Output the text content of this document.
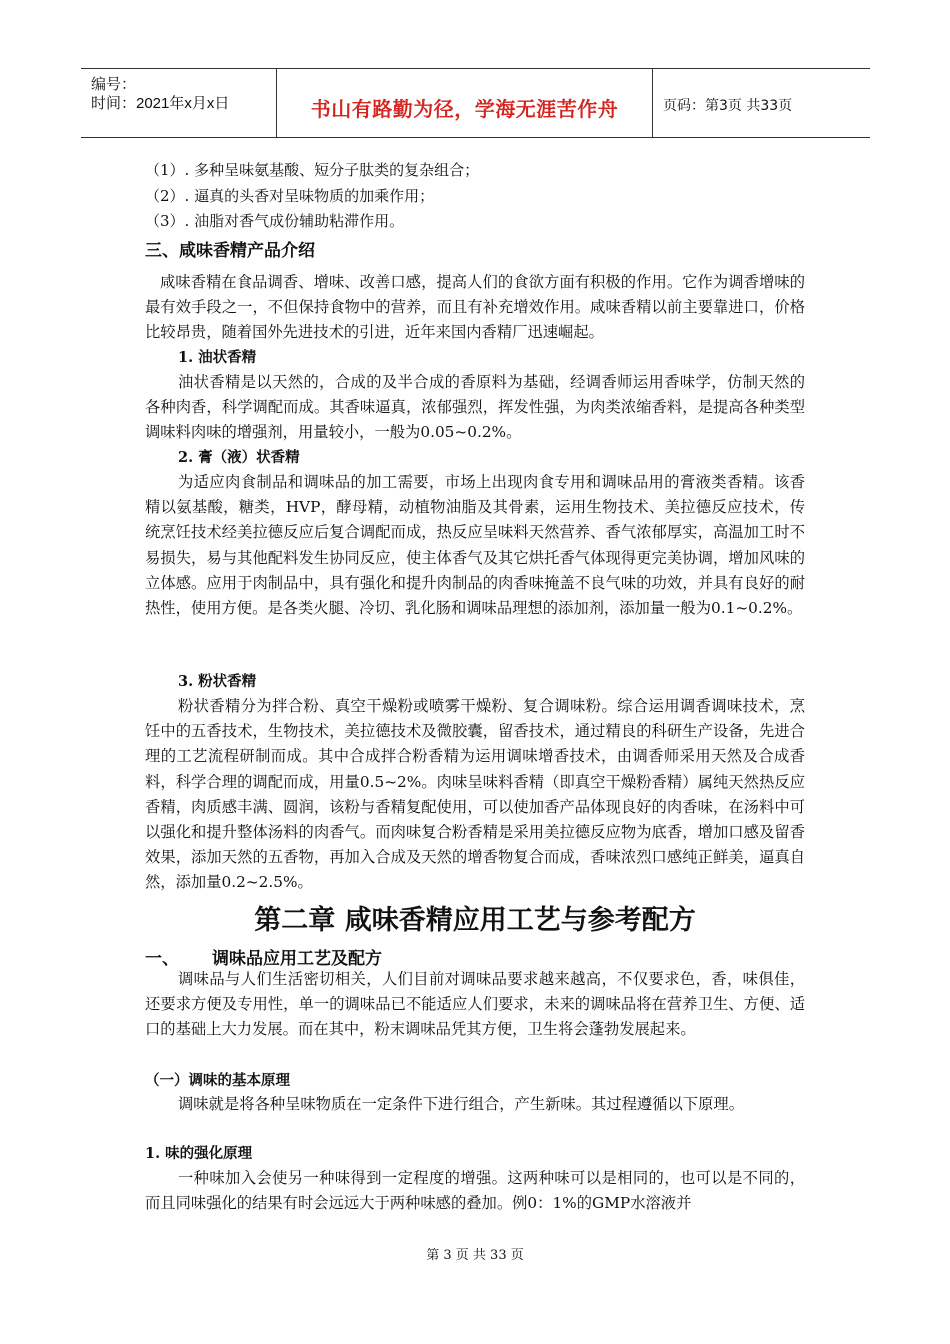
编号：
时间：2021年x月x日	书山有路勤为径，学海无涯苦作舟	页码：第3页 共33页
（1）. 多种呈味氨基酸、短分子肽类的复杂组合；
（2）. 逼真的头香对呈味物质的加乘作用；
（3）. 油脂对香气成份辅助粘滞作用。
三、咸味香精产品介绍
咸味香精在食品调香、增味、改善口感，提高人们的食欲方面有积极的作用。它作为调香增味的最有效手段之一，不但保持食物中的营养，而且有补充增效作用。咸味香精以前主要靠进口，价格比较昂贵，随着国外先进技术的引进，近年来国内香精厂迅速崛起。
1. 油状香精
油状香精是以天然的，合成的及半合成的香原料为基础，经调香师运用香味学，仿制天然的各种肉香，科学调配而成。其香味逼真，浓郁强烈，挥发性强，为肉类浓缩香料，是提高各种类型调味料肉味的增强剂，用量较小，一般为0.05~0.2%。
2. 膏（液）状香精
为适应肉食制品和调味品的加工需要，市场上出现肉食专用和调味品用的膏液类香精。该香精以氨基酸，糖类，HVP，酵母精，动植物油脂及其骨素，运用生物技术、美拉德反应技术，传统烹饪技术经美拉德反应后复合调配而成，热反应呈味料天然营养、香气浓郁厚实，高温加工时不易损失，易与其他配料发生协同反应，使主体香气及其它烘托香气体现得更完美协调，增加风味的立体感。应用于肉制品中，具有强化和提升肉制品的肉香味掩盖不良气味的功效，并具有良好的耐热性，使用方便。是各类火腿、冷切、乳化肠和调味品理想的添加剂，添加量一般为0.1~0.2%。
3. 粉状香精
粉状香精分为拌合粉、真空干燥粉或喷雾干燥粉、复合调味粉。综合运用调香调味技术，烹饪中的五香技术，生物技术，美拉德技术及微胶囊，留香技术，通过精良的科研生产设备，先进合理的工艺流程研制而成。其中合成拌合粉香精为运用调味增香技术，由调香师采用天然及合成香料，科学合理的调配而成，用量0.5~2%。肉味呈味料香精（即真空干燥粉香精）属纯天然热反应香精，肉质感丰满、圆润，该粉与香精复配使用，可以使加香产品体现良好的肉香味，在汤料中可以强化和提升整体汤料的肉香气。而肉味复合粉香精是采用美拉德反应物为底香，增加口感及留香效果，添加天然的五香物，再加入合成及天然的增香物复合而成，香味浓烈口感纯正鲜美，逼真自然，添加量0.2~2.5%。
第二章 咸味香精应用工艺与参考配方
一、 调味品应用工艺及配方
调味品与人们生活密切相关，人们目前对调味品要求越来越高，不仅要求色，香，味俱佳，还要求方便及专用性，单一的调味品已不能适应人们要求，未来的调味品将在营养卫生、方便、适口的基础上大力发展。而在其中，粉末调味品凭其方便，卫生将会蓬勃发展起来。
（一）调味的基本原理
调味就是将各种呈味物质在一定条件下进行组合，产生新味。其过程遵循以下原理。
1. 味的强化原理
一种味加入会使另一种味得到一定程度的增强。这两种味可以是相同的，也可以是不同的，而且同味强化的结果有时会远远大于两种味感的叠加。例0：1%的GMP水溶液并
第 3 页 共 33 页
